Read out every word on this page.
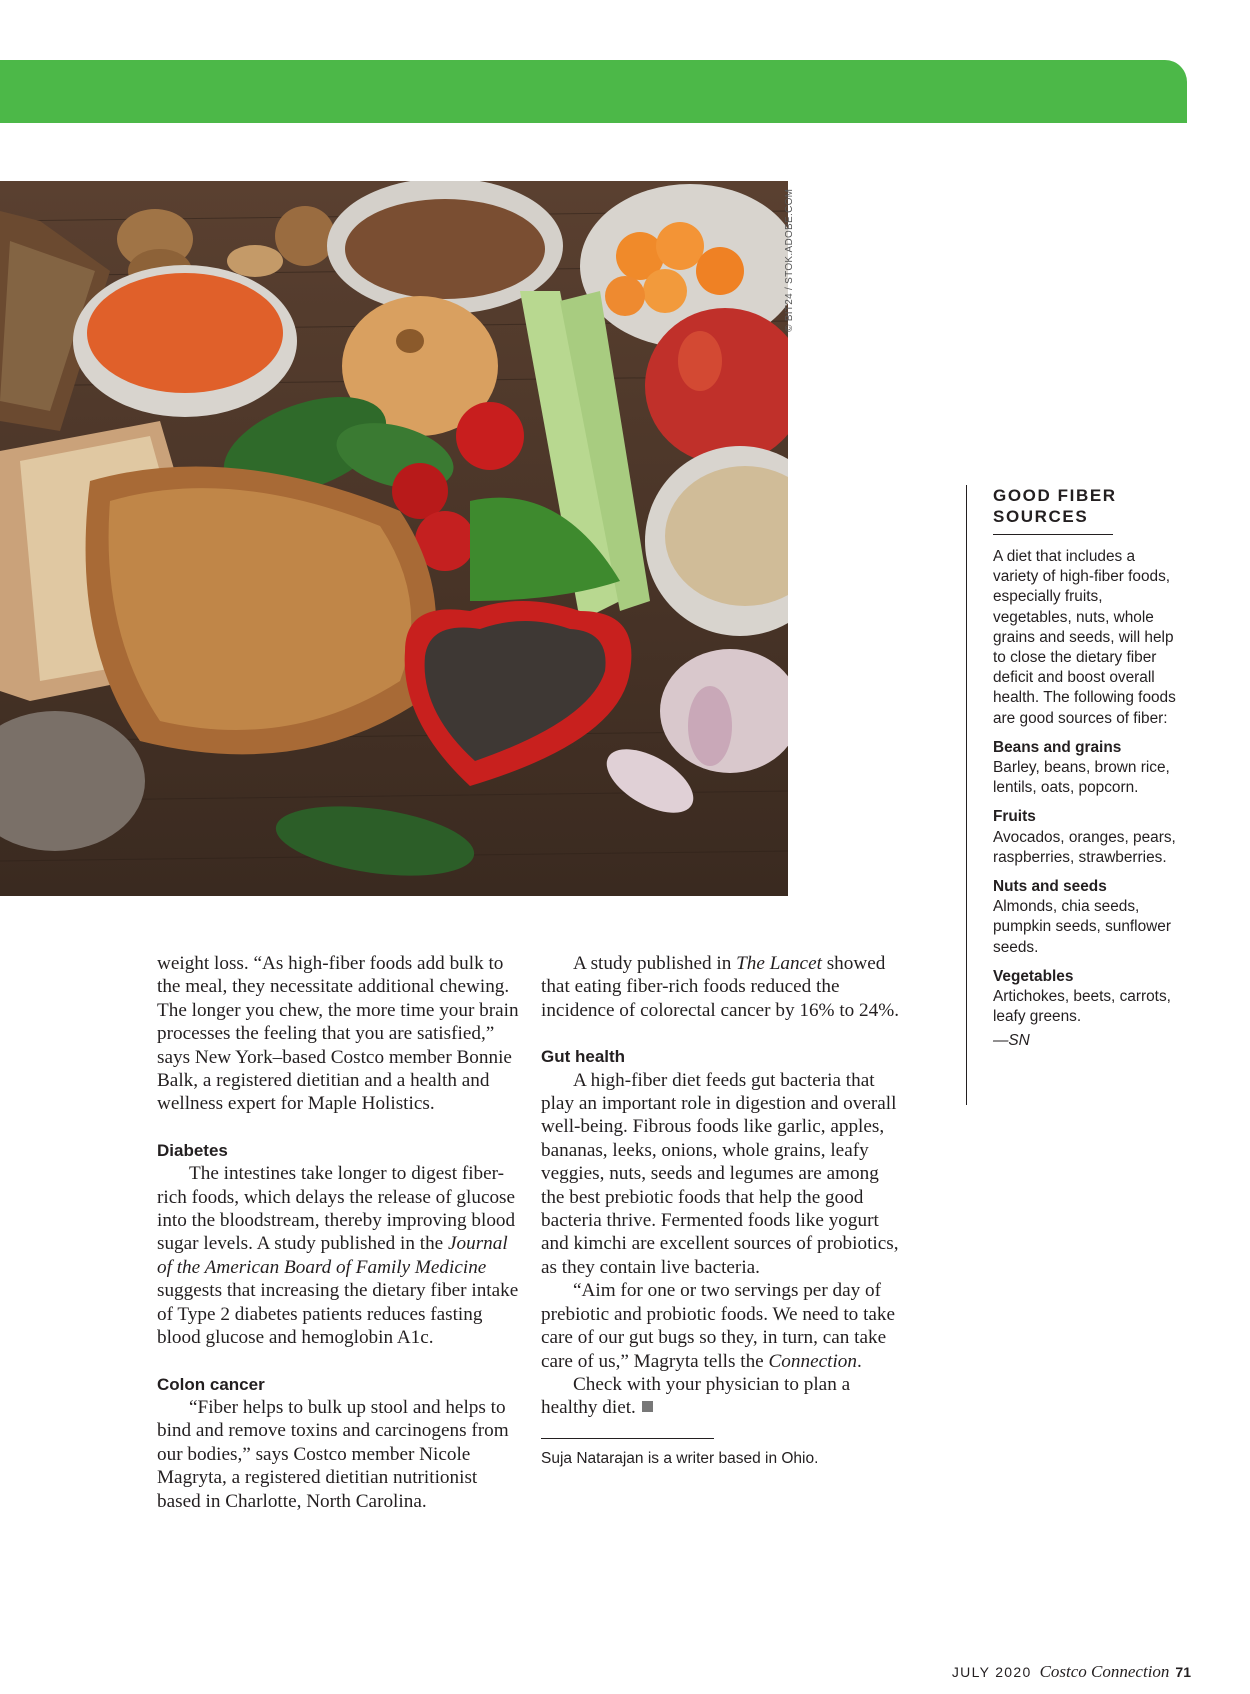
© BIT24 / STOK.ADOBE.COM

weight loss. “As high-fiber foods add bulk to the meal, they necessitate additional chewing. The longer you chew, the more time your brain processes the feeling that you are satisfied,” says New York–based Costco member Bonnie Balk, a registered dietitian and a health and wellness expert for Maple Holistics.

Diabetes

The intestines take longer to digest fiber-rich foods, which delays the release of glucose into the bloodstream, thereby improving blood sugar levels. A study published in the Journal of the American Board of Family Medicine suggests that increasing the dietary fiber intake of Type 2 diabetes patients reduces fasting blood glucose and hemoglobin A1c.

Colon cancer

“Fiber helps to bulk up stool and helps to bind and remove toxins and carcinogens from our bodies,” says Costco member Nicole Magryta, a registered dietitian nutritionist based in Charlotte, North Carolina.

A study published in The Lancet showed that eating fiber-rich foods reduced the incidence of colorectal cancer by 16% to 24%.

Gut health

A high-fiber diet feeds gut bacteria that play an important role in digestion and overall well-being. Fibrous foods like garlic, apples, bananas, leeks, onions, whole grains, leafy veggies, nuts, seeds and legumes are among the best prebiotic foods that help the good bacteria thrive. Fermented foods like yogurt and kimchi are excellent sources of probiotics, as they contain live bacteria.

“Aim for one or two servings per day of prebiotic and probiotic foods. We need to take care of our gut bugs so they, in turn, can take care of us,” Magryta tells the Connection.

Check with your physician to plan a healthy diet.

Suja Natarajan is a writer based in Ohio.

GOOD FIBER
SOURCES

A diet that includes a variety of high-fiber foods, especially fruits, vegetables, nuts, whole grains and seeds, will help to close the dietary fiber deficit and boost overall health. The following foods are good sources of fiber:

Beans and grains

Barley, beans, brown rice, lentils, oats, popcorn.

Fruits

Avocados, oranges, pears, raspberries, strawberries.

Nuts and seeds

Almonds, chia seeds, pumpkin seeds, sunflower seeds.

Vegetables

Artichokes, beets, carrots, leafy greens.

—SN

JULY 2020 Costco Connection 71
